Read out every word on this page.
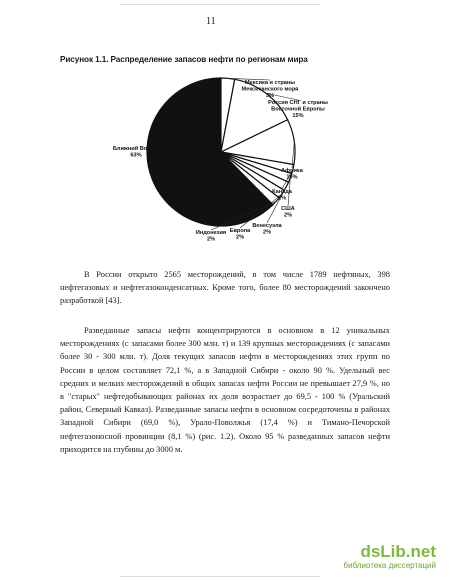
11
Рисунок 1.1. Распределение запасов нефти по регионам мира
Ближний Восток 63%
Мексика и страны Мексиканского моря 3%
Россия СНГ и страны Восточной Европы 15%
Африка 10%
Канада 2%
США 2%
Венесуэла 2%
Европа 2%
Индонезия 2%

В России открыто 2565 месторождений, в том числе 1789 нефтяных, 398 нефтегазовых и нефтегазоконденсатных. Кроме того, более 80 месторождений закончено разработкой [43].

Разведанные запасы нефти концентрируются в основном в 12 уникальных месторождениях (с запасами более 300 млн. т) и 139 крупных месторождениях (с запасами более 30 - 300 млн. т). Доля текущих запасов нефти в месторождениях этих групп по России в целом составляет 72,1 %, а в Западной Сибири - около 90 %. Удельный вес средних и мелких месторождений в общих запасах нефти России не превышает 27,9 %, но в "старых" нефтедобывающих районах их доля возрастает до 69,5 - 100 % (Уральский район, Северный Кавказ). Разведанные запасы нефти в основном сосредоточены в районах Западной Сибири (69,0 %), Урало-Поволжья (17,4 %) и Тимано-Печорской нефтегазоносной провинции (8,1 %) (рис. 1.2). Около 95 % разведанных запасов нефти приходится на глубины до 3000 м.

dsLib.net
библиотека диссертаций
